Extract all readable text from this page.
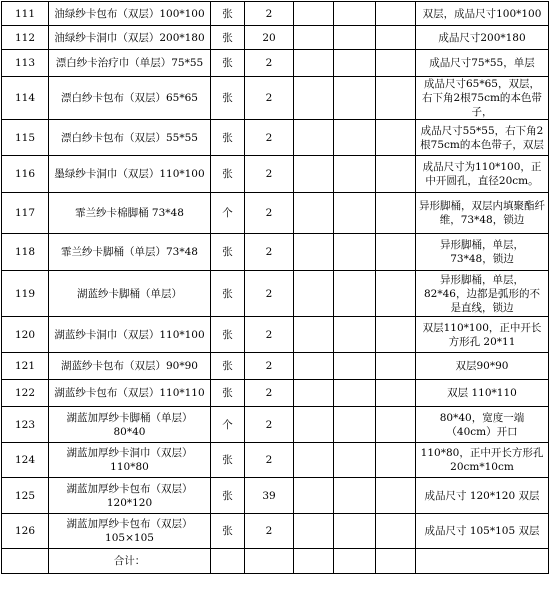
111	油绿纱卡包布（双层）100*100	张	2				双层，成品尺寸100*100
112	油绿纱卡洞巾（双层）200*180	张	20				成品尺寸200*180
113	漂白纱卡治疗巾（单层）75*55	张	2				成品尺寸75*55，单层
114	漂白纱卡包布（双层）65*65	张	2				成品尺寸65*65，双层，右下角2根75cm的本色带子，
115	漂白纱卡包布（双层）55*55	张	2				成品尺寸55*55，右下角2根75cm的本色带子，双层
116	墨绿纱卡洞巾（双层）110*100	张	2				成品尺寸为110*100，正中开圆孔，直径20cm。
117	霏兰纱卡棉脚桶 73*48	个	2				异形脚桶，双层内填聚酯纤维，73*48，锁边
118	霏兰纱卡脚桶（单层）73*48	张	2				异形脚桶，单层，73*48，锁边
119	湖蓝纱卡脚桶（单层）	张	2				异形脚桶，单层，82*46，边都是弧形的不是直线，锁边
120	湖蓝纱卡洞巾（双层）110*100	张	2				双层110*100，正中开长方形孔 20*11
121	湖蓝纱卡包布（双层）90*90	张	2				双层90*90
122	湖蓝纱卡包布（双层）110*110	张	2				双层 110*110
123	湖蓝加厚纱卡脚桶（单层）80*40	个	2				80*40，宽度一端（40cm）开口
124	湖蓝加厚纱卡洞巾（双层）110*80	张	2				110*80，正中开长方形孔20cm*10cm
125	湖蓝加厚纱卡包布（双层）120*120	张	39				成品尺寸 120*120 双层
126	湖蓝加厚纱卡包布（双层）105×105	张	2				成品尺寸 105*105 双层
	合计：						
